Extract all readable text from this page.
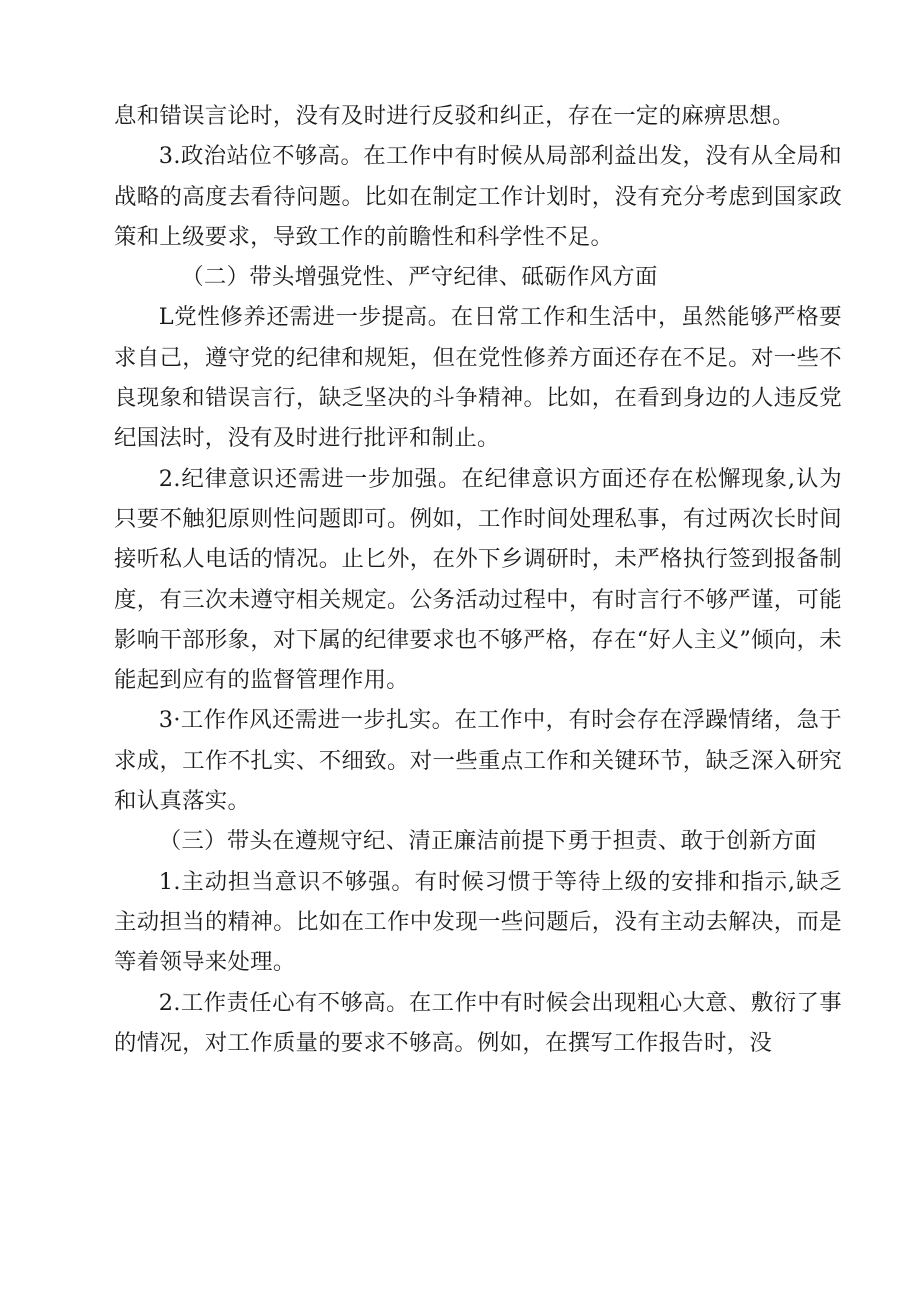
息和错误言论时，没有及时进行反驳和纠正，存在一定的麻痹思想。

3.政治站位不够高。在工作中有时候从局部利益出发，没有从全局和战略的高度去看待问题。比如在制定工作计划时，没有充分考虑到国家政策和上级要求，导致工作的前瞻性和科学性不足。

（二）带头增强党性、严守纪律、砥砺作风方面

L党性修养还需进一步提高。在日常工作和生活中，虽然能够严格要求自己，遵守党的纪律和规矩，但在党性修养方面还存在不足。对一些不良现象和错误言行，缺乏坚决的斗争精神。比如，在看到身边的人违反党纪国法时，没有及时进行批评和制止。

2.纪律意识还需进一步加强。在纪律意识方面还存在松懈现象,认为只要不触犯原则性问题即可。例如，工作时间处理私事，有过两次长时间接听私人电话的情况。止匕外，在外下乡调研时，未严格执行签到报备制度，有三次未遵守相关规定。公务活动过程中，有时言行不够严谨，可能影响干部形象，对下属的纪律要求也不够严格，存在“好人主义”倾向，未能起到应有的监督管理作用。

3·工作作风还需进一步扎实。在工作中，有时会存在浮躁情绪，急于求成，工作不扎实、不细致。对一些重点工作和关键环节，缺乏深入研究和认真落实。

（三）带头在遵规守纪、清正廉洁前提下勇于担责、敢于创新方面

1.主动担当意识不够强。有时候习惯于等待上级的安排和指示,缺乏主动担当的精神。比如在工作中发现一些问题后，没有主动去解决，而是等着领导来处理。

2.工作责任心有不够高。在工作中有时候会出现粗心大意、敷衍了事的情况，对工作质量的要求不够高。例如，在撰写工作报告时，没
